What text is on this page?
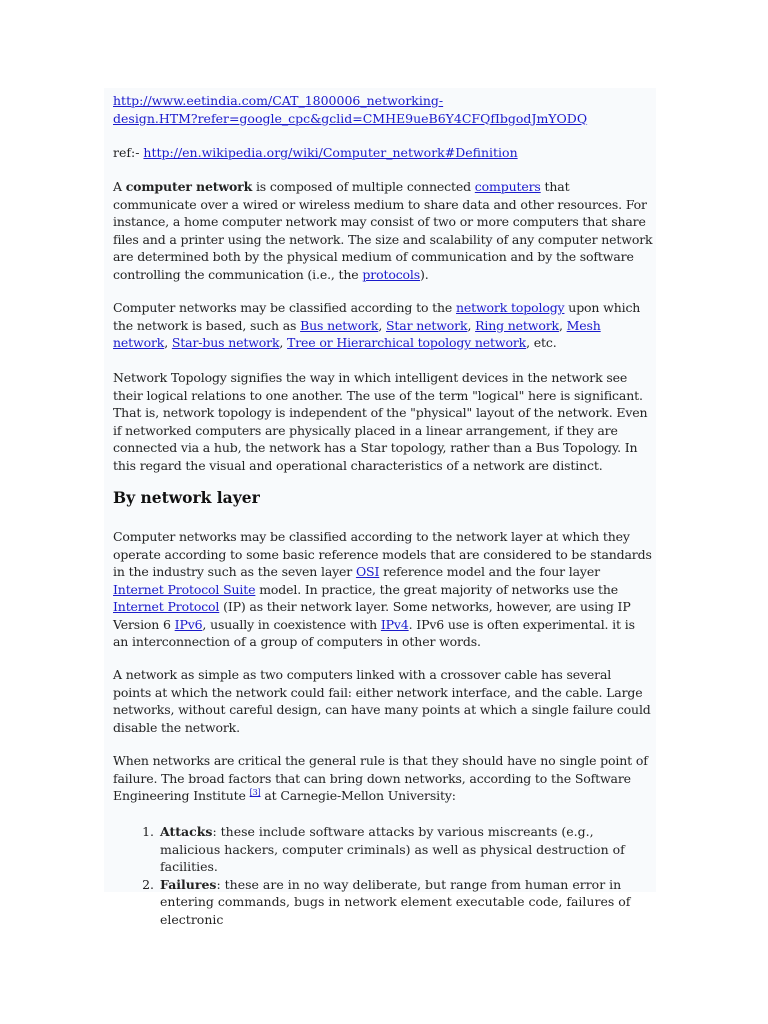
http://www.eetindia.com/CAT_1800006_networking-
design.HTM?refer=google_cpc&gclid=CMHE9ueB6Y4CFQfIbgodJmYODQ

ref:- http://en.wikipedia.org/wiki/Computer_network#Definition

A computer network is composed of multiple connected computers that communicate over a wired or wireless medium to share data and other resources. For instance, a home computer network may consist of two or more computers that share files and a printer using the network. The size and scalability of any computer network are determined both by the physical medium of communication and by the software controlling the communication (i.e., the protocols).

Computer networks may be classified according to the network topology upon which the network is based, such as Bus network, Star network, Ring network, Mesh network, Star-bus network, Tree or Hierarchical topology network, etc.

Network Topology signifies the way in which intelligent devices in the network see their logical relations to one another. The use of the term "logical" here is significant. That is, network topology is independent of the "physical" layout of the network. Even if networked computers are physically placed in a linear arrangement, if they are connected via a hub, the network has a Star topology, rather than a Bus Topology. In this regard the visual and operational characteristics of a network are distinct.

By network layer

Computer networks may be classified according to the network layer at which they operate according to some basic reference models that are considered to be standards in the industry such as the seven layer OSI reference model and the four layer Internet Protocol Suite model. In practice, the great majority of networks use the Internet Protocol (IP) as their network layer. Some networks, however, are using IP Version 6 IPv6, usually in coexistence with IPv4. IPv6 use is often experimental. it is an interconnection of a group of computers in other words.

A network as simple as two computers linked with a crossover cable has several points at which the network could fail: either network interface, and the cable. Large networks, without careful design, can have many points at which a single failure could disable the network.

When networks are critical the general rule is that they should have no single point of failure. The broad factors that can bring down networks, according to the Software Engineering Institute [3] at Carnegie-Mellon University:

1. Attacks: these include software attacks by various miscreants (e.g., malicious hackers, computer criminals) as well as physical destruction of facilities.
2. Failures: these are in no way deliberate, but range from human error in entering commands, bugs in network element executable code, failures of electronic
